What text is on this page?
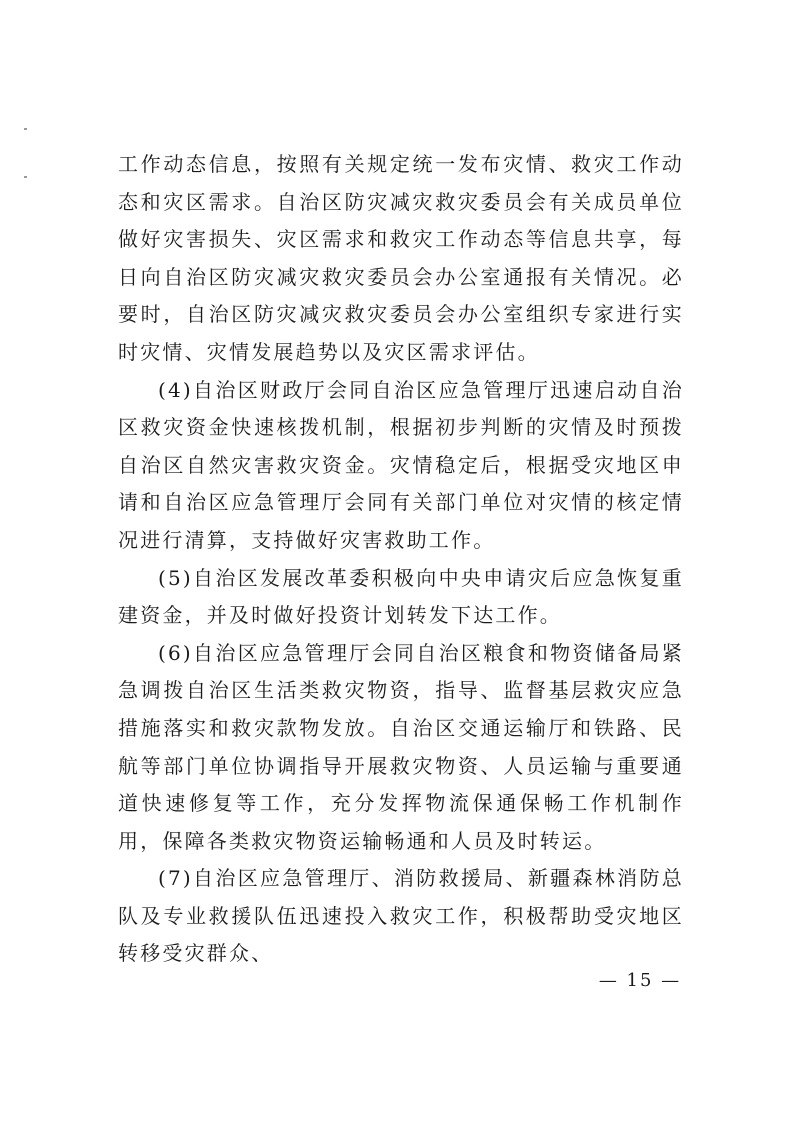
工作动态信息，按照有关规定统一发布灾情、救灾工作动态和灾区需求。自治区防灾减灾救灾委员会有关成员单位做好灾害损失、灾区需求和救灾工作动态等信息共享，每日向自治区防灾减灾救灾委员会办公室通报有关情况。必要时，自治区防灾减灾救灾委员会办公室组织专家进行实时灾情、灾情发展趋势以及灾区需求评估。

(4)自治区财政厅会同自治区应急管理厅迅速启动自治区救灾资金快速核拨机制，根据初步判断的灾情及时预拨自治区自然灾害救灾资金。灾情稳定后，根据受灾地区申请和自治区应急管理厅会同有关部门单位对灾情的核定情况进行清算，支持做好灾害救助工作。

(5)自治区发展改革委积极向中央申请灾后应急恢复重建资金，并及时做好投资计划转发下达工作。

(6)自治区应急管理厅会同自治区粮食和物资储备局紧急调拨自治区生活类救灾物资，指导、监督基层救灾应急措施落实和救灾款物发放。自治区交通运输厅和铁路、民航等部门单位协调指导开展救灾物资、人员运输与重要通道快速修复等工作，充分发挥物流保通保畅工作机制作用，保障各类救灾物资运输畅通和人员及时转运。

(7)自治区应急管理厅、消防救援局、新疆森林消防总队及专业救援队伍迅速投入救灾工作，积极帮助受灾地区转移受灾群众、

— 15 —
